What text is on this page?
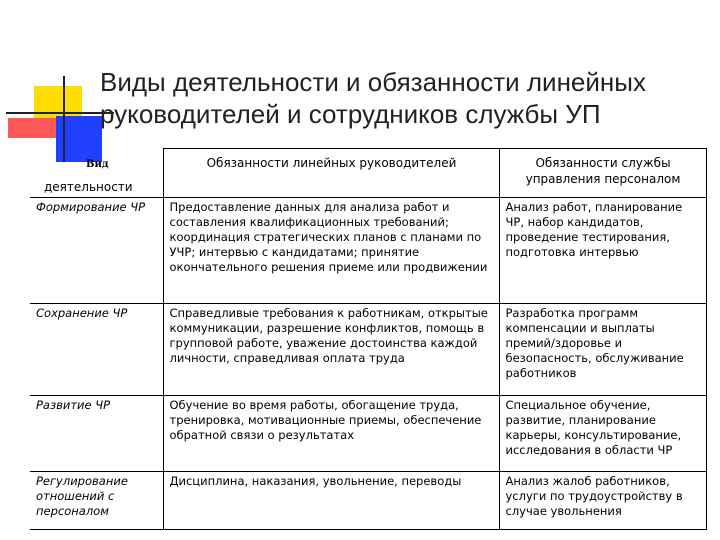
Виды деятельности и обязанности линейных
руководителей и сотрудников службы УП
Вид
деятельности	Обязанности линейных руководителей	Обязанности службы управления персоналом
Формирование ЧР	Предоставление данных для анализа работ и составления квалификационных требований; координация стратегических планов с планами по УЧР; интервью с кандидатами; принятие окончательного решения приеме или продвижении	Анализ работ, планирование ЧР, набор кандидатов, проведение тестирования, подготовка интервью
Сохранение ЧР	Справедливые требования к работникам, открытые коммуникации, разрешение конфликтов, помощь в групповой работе, уважение достоинства каждой личности, справедливая оплата труда	Разработка программ компенсации и выплаты премий/здоровье и безопасность, обслуживание работников
Развитие ЧР	Обучение во время работы, обогащение труда, тренировка, мотивационные приемы, обеспечение обратной связи о результатах	Специальное обучение, развитие, планирование карьеры, консультирование, исследования в области ЧР
Регулирование отношений с персоналом	Дисциплина, наказания, увольнение, переводы	Анализ жалоб работников, услуги по трудоустройству в случае увольнения
